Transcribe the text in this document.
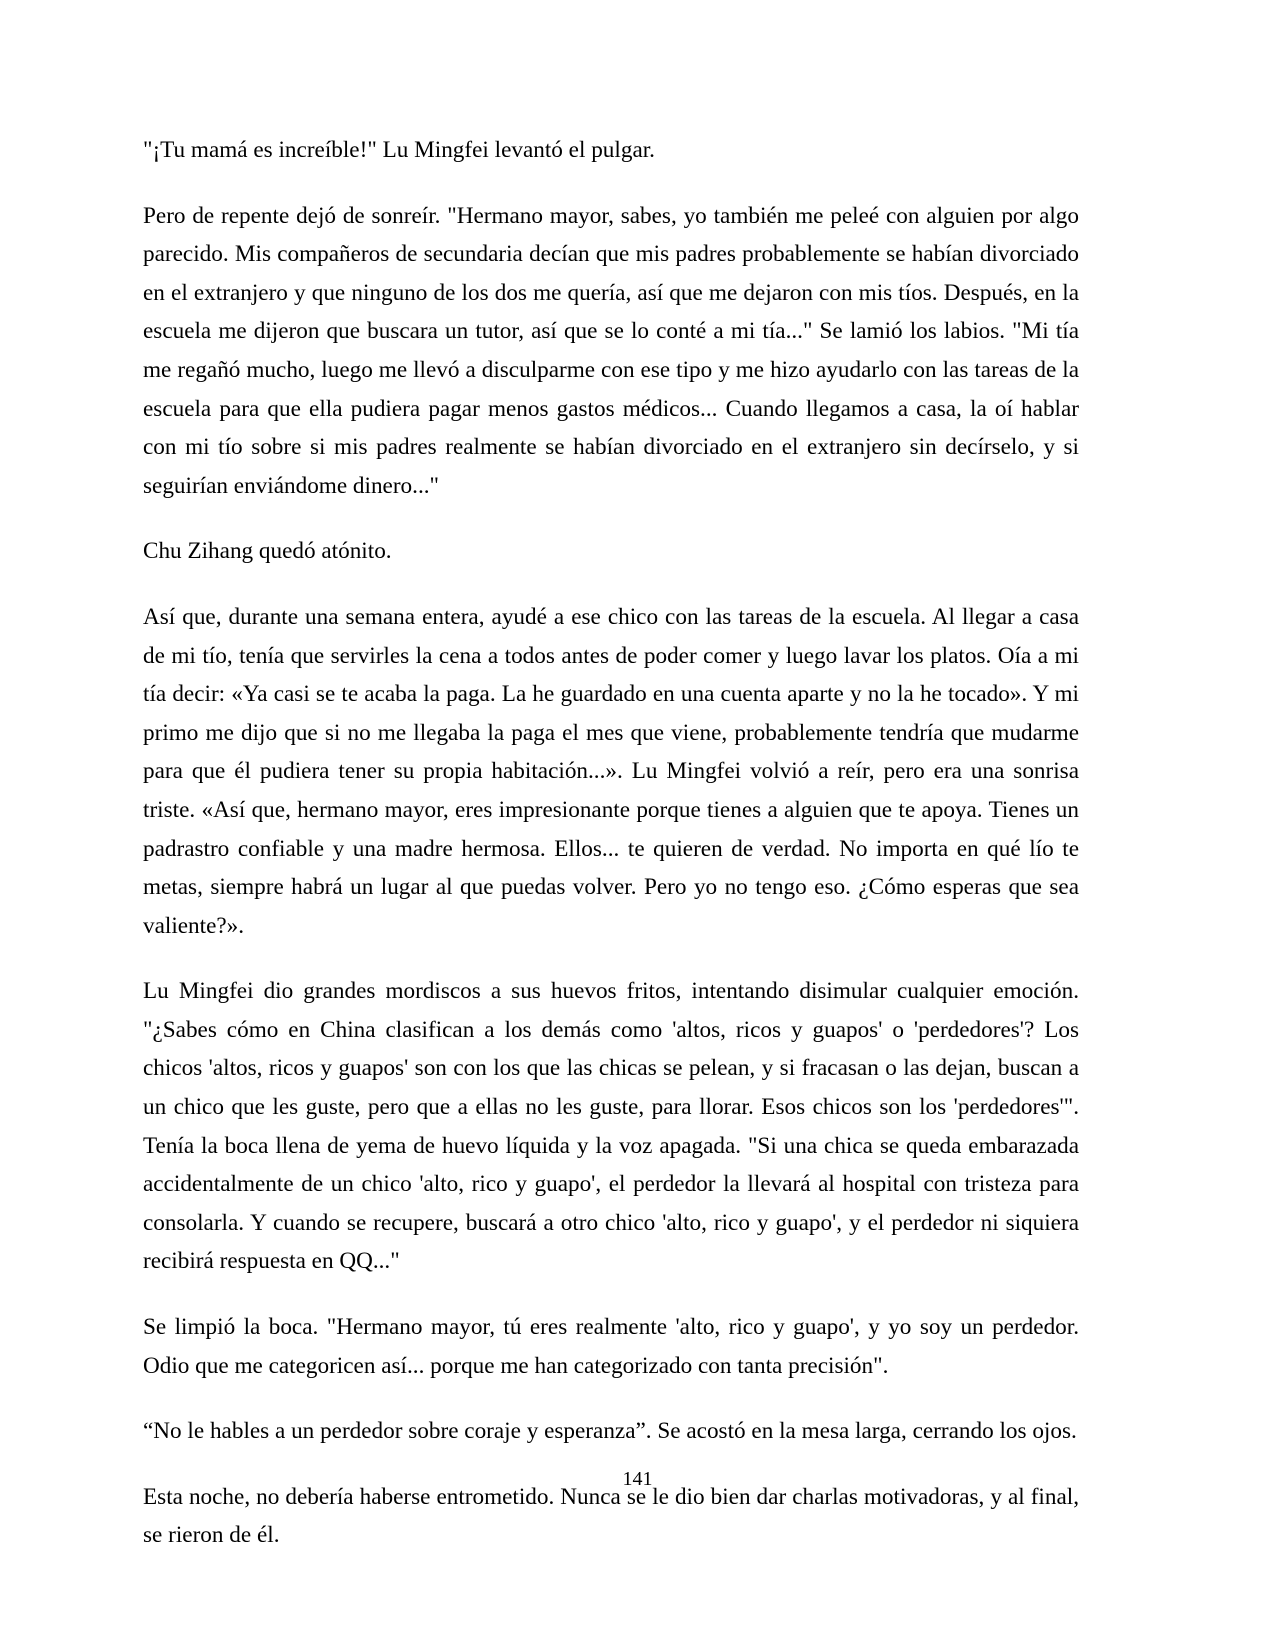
"¡Tu mamá es increíble!" Lu Mingfei levantó el pulgar.

Pero de repente dejó de sonreír. "Hermano mayor, sabes, yo también me peleé con alguien por algo parecido. Mis compañeros de secundaria decían que mis padres probablemente se habían divorciado en el extranjero y que ninguno de los dos me quería, así que me dejaron con mis tíos. Después, en la escuela me dijeron que buscara un tutor, así que se lo conté a mi tía..." Se lamió los labios. "Mi tía me regañó mucho, luego me llevó a disculparme con ese tipo y me hizo ayudarlo con las tareas de la escuela para que ella pudiera pagar menos gastos médicos... Cuando llegamos a casa, la oí hablar con mi tío sobre si mis padres realmente se habían divorciado en el extranjero sin decírselo, y si seguirían enviándome dinero..."

Chu Zihang quedó atónito.

Así que, durante una semana entera, ayudé a ese chico con las tareas de la escuela. Al llegar a casa de mi tío, tenía que servirles la cena a todos antes de poder comer y luego lavar los platos. Oía a mi tía decir: «Ya casi se te acaba la paga. La he guardado en una cuenta aparte y no la he tocado». Y mi primo me dijo que si no me llegaba la paga el mes que viene, probablemente tendría que mudarme para que él pudiera tener su propia habitación...». Lu Mingfei volvió a reír, pero era una sonrisa triste. «Así que, hermano mayor, eres impresionante porque tienes a alguien que te apoya. Tienes un padrastro confiable y una madre hermosa. Ellos... te quieren de verdad. No importa en qué lío te metas, siempre habrá un lugar al que puedas volver. Pero yo no tengo eso. ¿Cómo esperas que sea valiente?».

Lu Mingfei dio grandes mordiscos a sus huevos fritos, intentando disimular cualquier emoción. "¿Sabes cómo en China clasifican a los demás como 'altos, ricos y guapos' o 'perdedores'? Los chicos 'altos, ricos y guapos' son con los que las chicas se pelean, y si fracasan o las dejan, buscan a un chico que les guste, pero que a ellas no les guste, para llorar. Esos chicos son los 'perdedores'". Tenía la boca llena de yema de huevo líquida y la voz apagada. "Si una chica se queda embarazada accidentalmente de un chico 'alto, rico y guapo', el perdedor la llevará al hospital con tristeza para consolarla. Y cuando se recupere, buscará a otro chico 'alto, rico y guapo', y el perdedor ni siquiera recibirá respuesta en QQ..."

Se limpió la boca. "Hermano mayor, tú eres realmente 'alto, rico y guapo', y yo soy un perdedor. Odio que me categoricen así... porque me han categorizado con tanta precisión".

“No le hables a un perdedor sobre coraje y esperanza”. Se acostó en la mesa larga, cerrando los ojos.

Esta noche, no debería haberse entrometido. Nunca se le dio bien dar charlas motivadoras, y al final, se rieron de él.

141
